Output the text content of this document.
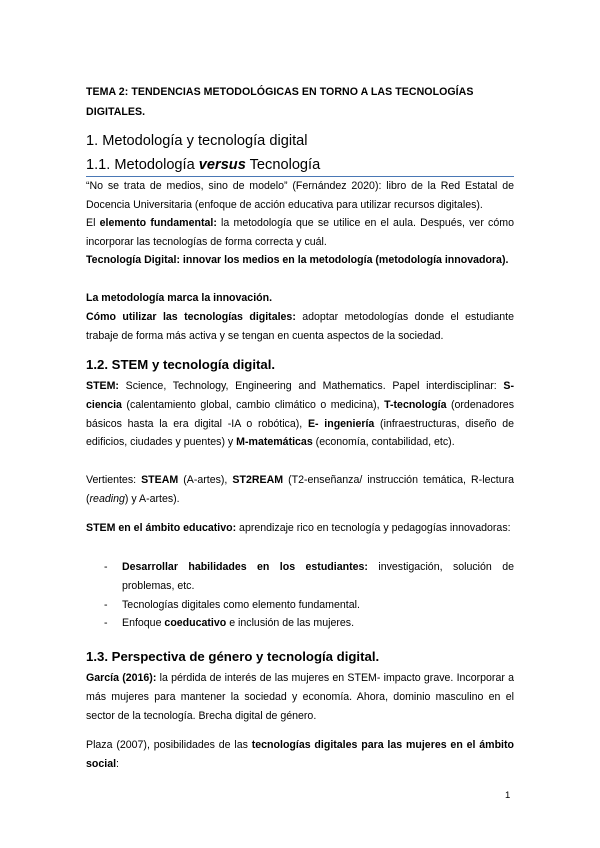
TEMA 2: TENDENCIAS METODOLÓGICAS EN TORNO A LAS TECNOLOGÍAS DIGITALES.
1. Metodología y tecnología digital
1.1. Metodología versus Tecnología
“No se trata de medios, sino de modelo” (Fernández 2020): libro de la Red Estatal de Docencia Universitaria (enfoque de acción educativa para utilizar recursos digitales).
El elemento fundamental: la metodología que se utilice en el aula. Después, ver cómo incorporar las tecnologías de forma correcta y cuál.
Tecnología Digital: innovar los medios en la metodología (metodología innovadora).
La metodología marca la innovación.
Cómo utilizar las tecnologías digitales: adoptar metodologías donde el estudiante trabaje de forma más activa y se tengan en cuenta aspectos de la sociedad.
1.2. STEM y tecnología digital.
STEM: Science, Technology, Engineering and Mathematics. Papel interdisciplinar: S-ciencia (calentamiento global, cambio climático o medicina), T-tecnología (ordenadores básicos hasta la era digital -IA o robótica), E- ingeniería (infraestructuras, diseño de edificios, ciudades y puentes) y M-matemáticas (economía, contabilidad, etc).
Vertientes: STEAM (A-artes), ST2REAM (T2-enseñanza/ instrucción temática, R-lectura (reading) y A-artes).
STEM en el ámbito educativo: aprendizaje rico en tecnología y pedagogías innovadoras:
- Desarrollar habilidades en los estudiantes: investigación, solución de problemas, etc.
- Tecnologías digitales como elemento fundamental.
- Enfoque coeducativo e inclusión de las mujeres.
1.3. Perspectiva de género y tecnología digital.
García (2016): la pérdida de interés de las mujeres en STEM- impacto grave. Incorporar a más mujeres para mantener la sociedad y economía. Ahora, dominio masculino en el sector de la tecnología. Brecha digital de género.
Plaza (2007), posibilidades de las tecnologías digitales para las mujeres en el ámbito social:
1
